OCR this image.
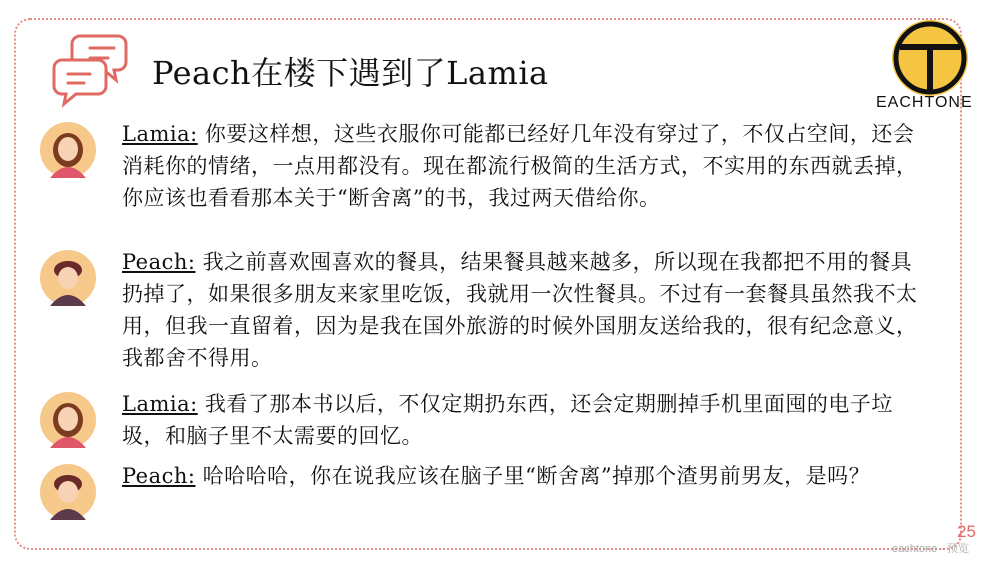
Peach在楼下遇到了Lamia
EACHTONE
Lamia: 你要这样想，这些衣服你可能都已经好几年没有穿过了，不仅占空间，还会消耗你的情绪，一点用都没有。现在都流行极简的生活方式，不实用的东西就丢掉，你应该也看看那本关于“断舍离”的书，我过两天借给你。
Peach: 我之前喜欢囤喜欢的餐具，结果餐具越来越多，所以现在我都把不用的餐具扔掉了，如果很多朋友来家里吃饭，我就用一次性餐具。不过有一套餐具虽然我不太用，但我一直留着，因为是我在国外旅游的时候外国朋友送给我的，很有纪念意义，我都舍不得用。
Lamia: 我看了那本书以后，不仅定期扔东西，还会定期删掉手机里面囤的电子垃圾，和脑子里不太需要的回忆。
Peach: 哈哈哈哈，你在说我应该在脑子里“断舍离”掉那个渣男前男友，是吗？
25
eachtone · 预览
